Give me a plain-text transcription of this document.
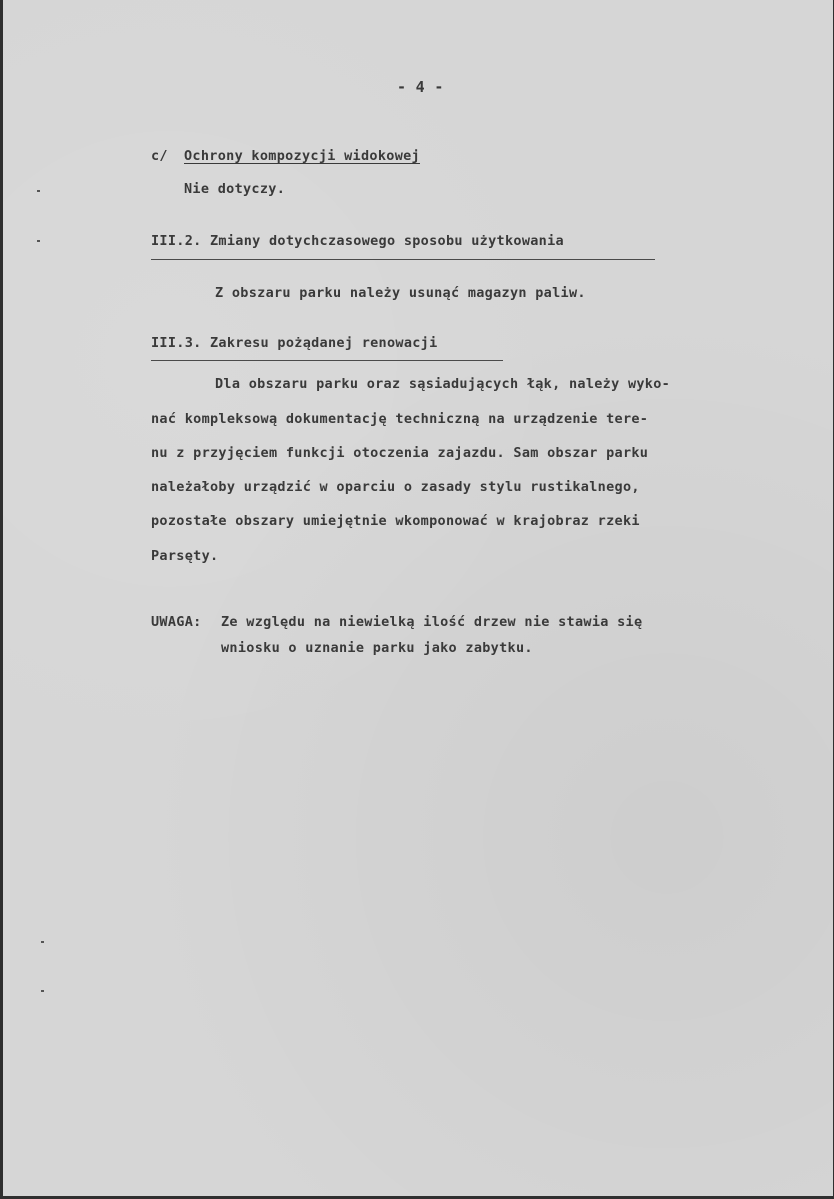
- 4 -
c/ Ochrony kompozycji widokowej
Nie dotyczy.
III.2. Zmiany dotychczasowego sposobu użytkowania
Z obszaru parku należy usunąć magazyn paliw.
III.3. Zakresu pożądanej renowacji
Dla obszaru parku oraz sąsiadujących łąk, należy wyko-
nać kompleksową dokumentację techniczną na urządzenie tere-
nu z przyjęciem funkcji otoczenia zajazdu. Sam obszar parku
należałoby urządzić w oparciu o zasady stylu rustikalnego,
pozostałe obszary umiejętnie wkomponować w krajobraz rzeki
Parsęty.
UWAGA: Ze względu na niewielką ilość drzew nie stawia się
wniosku o uznanie parku jako zabytku.
